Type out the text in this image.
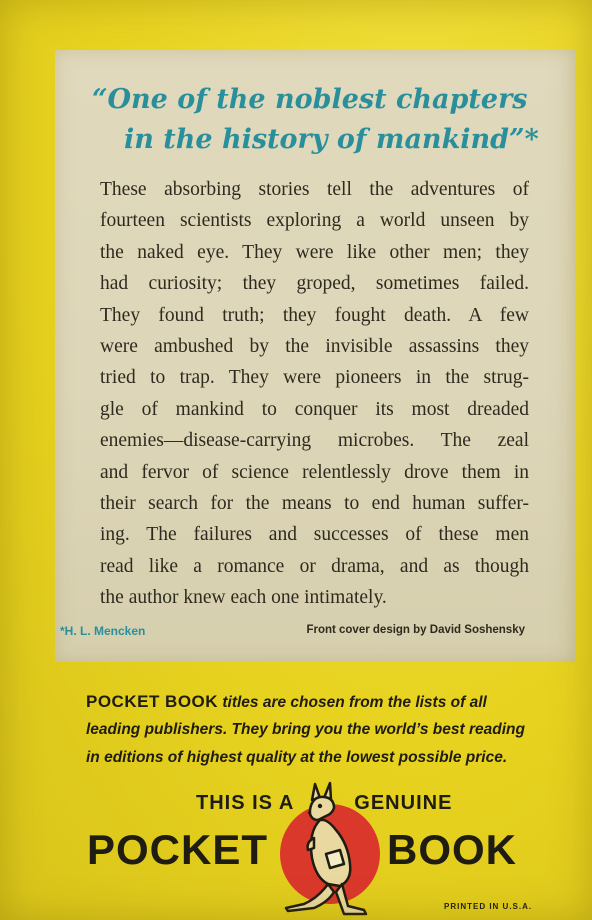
“One of the noblest chapters
in the history of mankind”*
These absorbing stories tell the adventures of
fourteen scientists exploring a world unseen by
the naked eye. They were like other men; they
had curiosity; they groped, sometimes failed.
They found truth; they fought death. A few
were ambushed by the invisible assassins they
tried to trap. They were pioneers in the strug-
gle of mankind to conquer its most dreaded
enemies—disease-carrying microbes. The zeal
and fervor of science relentlessly drove them in
their search for the means to end human suffer-
ing. The failures and successes of these men
read like a romance or drama, and as though
the author knew each one intimately.
*H. L. Mencken	Front cover design by David Soshensky
POCKET BOOK titles are chosen from the lists of all
leading publishers. They bring you the world’s best reading
in editions of highest quality at the lowest possible price.
THIS IS A	GENUINE
POCKET	BOOK
PRINTED IN U.S.A.
